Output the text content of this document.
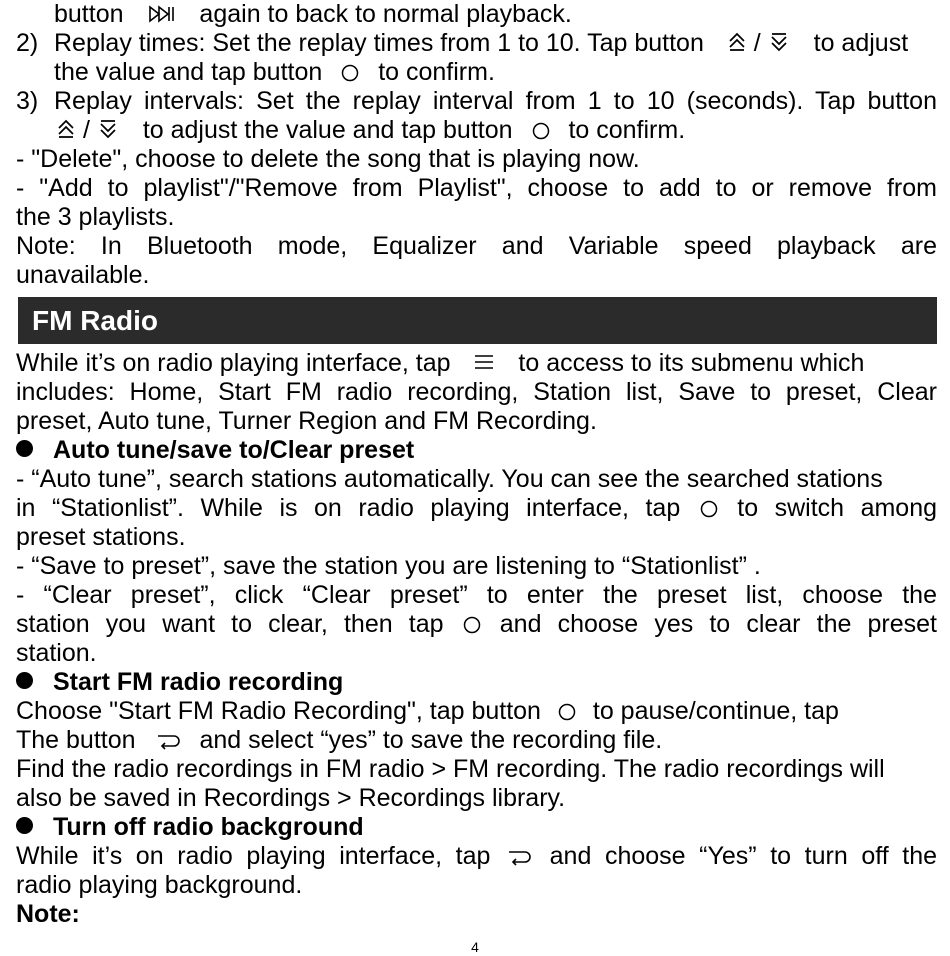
button	again to back to normal playback.
2) Replay times: Set the replay times from 1 to 10. Tap button / to adjust
the value and tap button to confirm.
3) Replay intervals: Set the replay interval from 1 to 10 (seconds). Tap button
/ to adjust the value and tap button to confirm.
- "Delete", choose to delete the song that is playing now.
- "Add to playlist"/"Remove from Playlist", choose to add to or remove from
the 3 playlists.
Note: In Bluetooth mode, Equalizer and Variable speed playback are
unavailable.
FM Radio
While it’s on radio playing interface, tap	to access to its submenu which
includes: Home, Start FM radio recording, Station list, Save to preset, Clear
preset, Auto tune, Turner Region and FM Recording.
Auto tune/save to/Clear preset
- “Auto tune”, search stations automatically. You can see the searched stations
in “Stationlist”. While is on radio playing interface, tap to switch among
preset stations.
- “Save to preset”, save the station you are listening to “Stationlist” .
- “Clear preset”, click “Clear preset” to enter the preset list, choose the
station you want to clear, then tap and choose yes to clear the preset
station.
Start FM radio recording
Choose "Start FM Radio Recording", tap button to pause/continue, tap
The button	and select “yes” to save the recording file.
Find the radio recordings in FM radio > FM recording. The radio recordings will
also be saved in Recordings > Recordings library.
Turn off radio background
While it’s on radio playing interface, tap and choose “Yes” to turn off the
radio playing background.
Note:
4
